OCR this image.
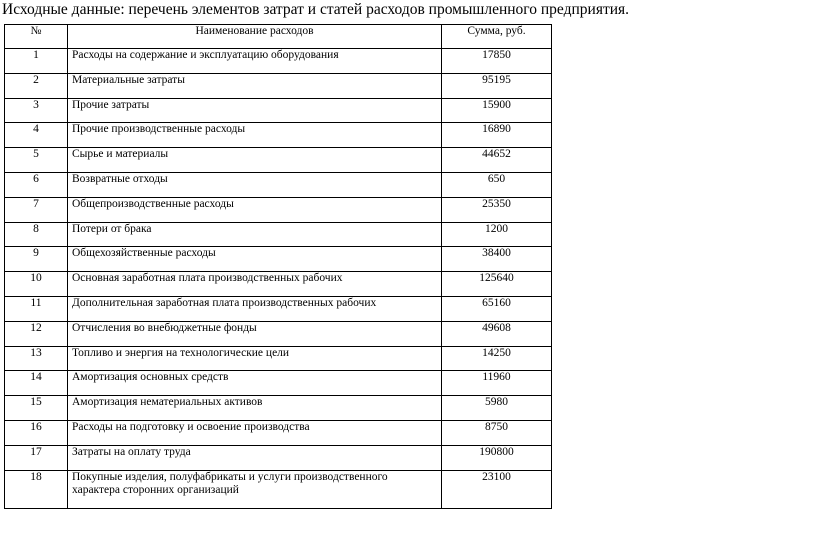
Исходные данные: перечень элементов затрат и статей расходов промышленного предприятия.
№	Наименование расходов	Сумма, руб.
1	Расходы на содержание и эксплуатацию оборудования	17850
2	Материальные затраты	95195
3	Прочие затраты	15900
4	Прочие производственные расходы	16890
5	Сырье и материалы	44652
6	Возвратные отходы	650
7	Общепроизводственные расходы	25350
8	Потери от брака	1200
9	Общехозяйственные расходы	38400
10	Основная заработная плата производственных рабочих	125640
11	Дополнительная заработная плата производственных рабочих	65160
12	Отчисления во внебюджетные фонды	49608
13	Топливо и энергия на технологические цели	14250
14	Амортизация основных средств	11960
15	Амортизация нематериальных активов	5980
16	Расходы на подготовку и освоение производства	8750
17	Затраты на оплату труда	190800
18	Покупные изделия, полуфабрикаты и услуги производственного характера сторонних организаций	23100
